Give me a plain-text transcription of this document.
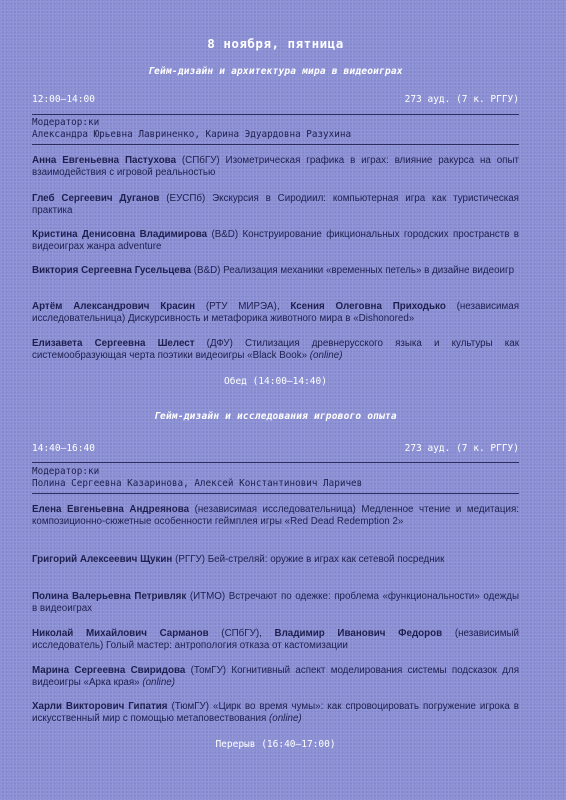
8 ноября, пятница
Гейм-дизайн и архитектура мира в видеоиграх
12:00–14:00	273 ауд. (7 к. РГГУ)
Модератор:ки
Александра Юрьевна Лавриненко, Карина Эдуардовна Разухина
Анна Евгеньевна Пастухова (СПбГУ) Изометрическая графика в играх: влияние ракурса на опыт взаимодействия с игровой реальностью
Глеб Сергеевич Дуганов (ЕУСПб) Экскурсия в Сиродиил: компьютерная игра как туристическая практика
Кристина Денисовна Владимирова (В&D) Конструирование фикциональных городских пространств в видеоиграх жанра adventure
Виктория Сергеевна Гусельцева (В&D) Реализация механики «временных петель» в дизайне видеоигр
Артём Александрович Красин (РТУ МИРЭА), Ксения Олеговна Приходько (независимая исследовательница) Дискурсивность и метафорика животного мира в «Dishonored»
Елизавета Сергеевна Шелест (ДФУ) Стилизация древнерусского языка и культуры как системообразующая черта поэтики видеоигры «Black Book» (online)
Обед (14:00–14:40)
Гейм-дизайн и исследования игрового опыта
14:40–16:40	273 ауд. (7 к. РГГУ)
Модератор:ки
Полина Сергеевна Казаринова, Алексей Константинович Ларичев
Елена Евгеньевна Андреянова (независимая исследовательница) Медленное чтение и медитация: композиционно-сюжетные особенности геймплея игры «Red Dead Redemption 2»
Григорий Алексеевич Щукин (РГГУ) Бей-стреляй: оружие в играх как сетевой посредник
Полина Валерьевна Петривляк (ИТМО) Встречают по одежке: проблема «функциональности» одежды в видеоиграх
Николай Михайлович Сарманов (СПбГУ), Владимир Иванович Федоров (независимый исследователь) Голый мастер: антропология отказа от кастомизации
Марина Сергеевна Свиридова (ТомГУ) Когнитивный аспект моделирования системы подсказок для видеоигры «Арка края» (online)
Харли Викторович Гипатия (ТюмГУ) «Цирк во время чумы»: как спровоцировать погружение игрока в искусственный мир с помощью метаповествования (online)
Перерыв (16:40–17:00)
